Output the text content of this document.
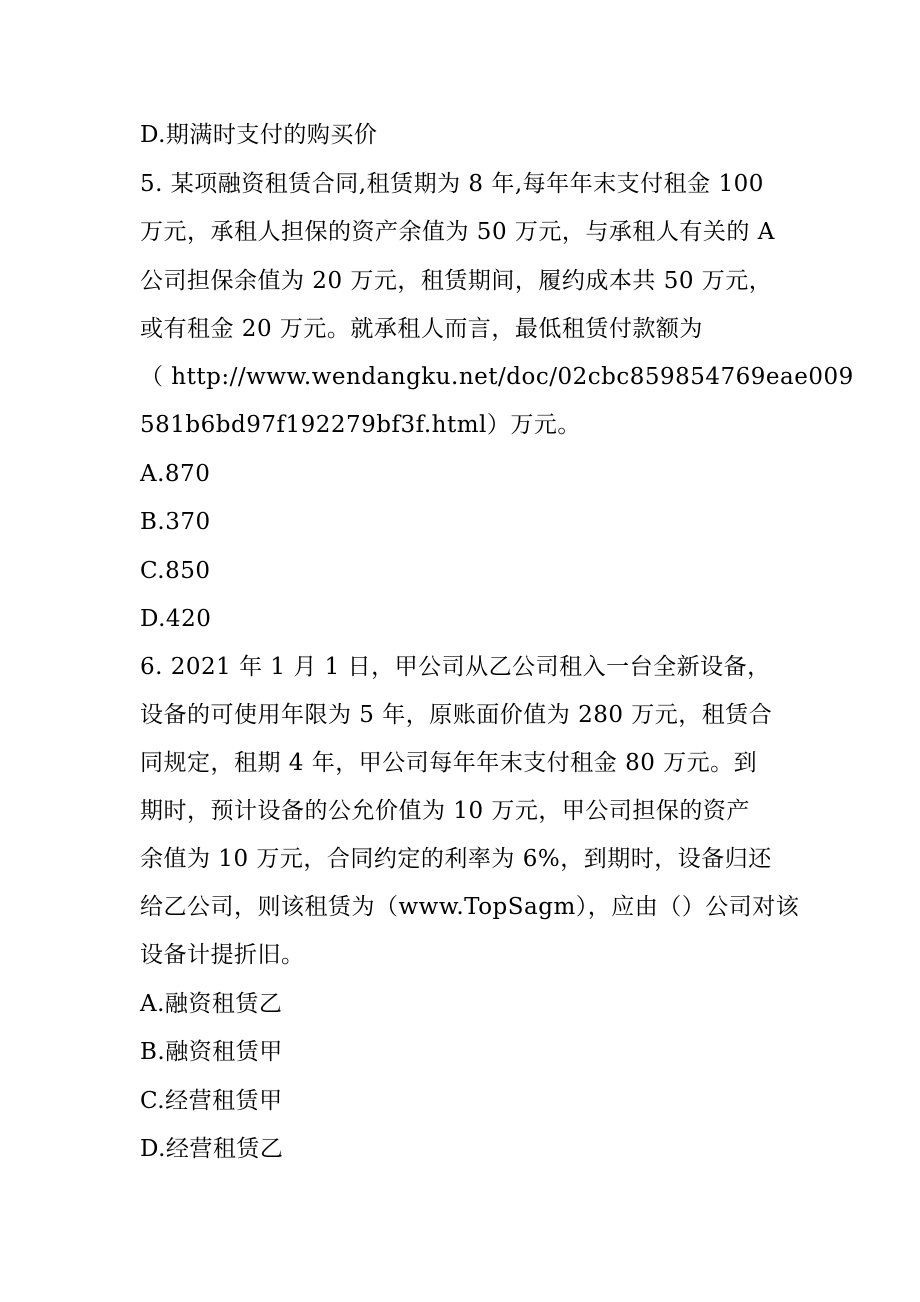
D.期满时支付的购买价
5. 某项融资租赁合同,租赁期为 8 年,每年年末支付租金 100
万元，承租人担保的资产余值为 50 万元，与承租人有关的 A
公司担保余值为 20 万元，租赁期间，履约成本共 50 万元，
或有租金 20 万元。就承租人而言，最低租赁付款额为
（ http://www.wendangku.net/doc/02cbc859854769eae009
581b6bd97f192279bf3f.html）万元。
A.870
B.370
C.850
D.420
6. 2021 年 1 月 1 日，甲公司从乙公司租入一台全新设备，
设备的可使用年限为 5 年，原账面价值为 280 万元，租赁合
同规定，租期 4 年，甲公司每年年末支付租金 80 万元。到
期时，预计设备的公允价值为 10 万元，甲公司担保的资产
余值为 10 万元，合同约定的利率为 6%，到期时，设备归还
给乙公司，则该租赁为（www.TopSagm），应由（）公司对该
设备计提折旧。
A.融资租赁乙
B.融资租赁甲
C.经营租赁甲
D.经营租赁乙
